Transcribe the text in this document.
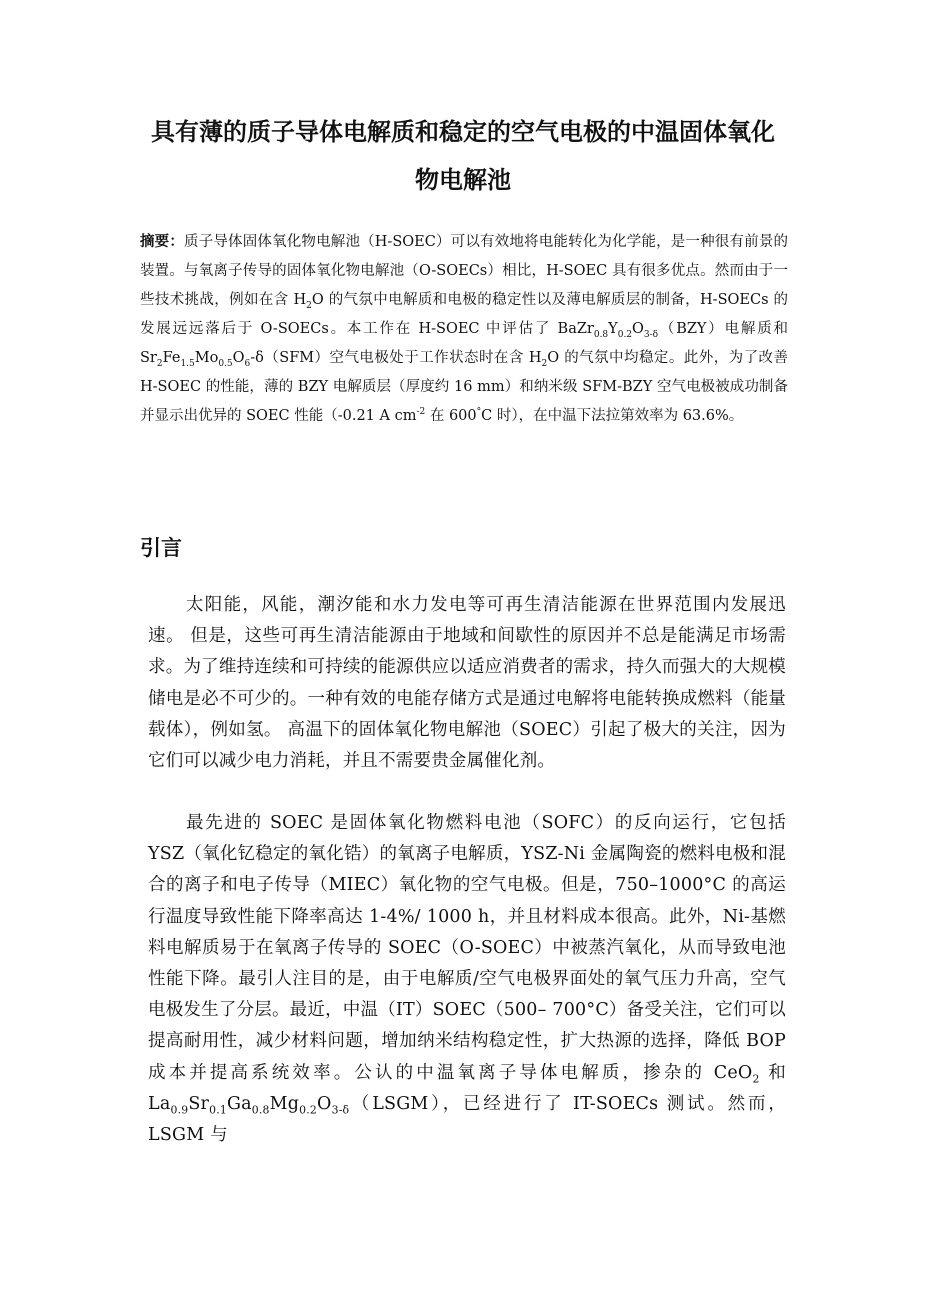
具有薄的质子导体电解质和稳定的空气电极的中温固体氧化物电解池

摘要：质子导体固体氧化物电解池（H-SOEC）可以有效地将电能转化为化学能，是一种很有前景的装置。与氧离子传导的固体氧化物电解池（O-SOECs）相比，H-SOEC 具有很多优点。然而由于一些技术挑战，例如在含 $H_2O$ 的气氛中电解质和电极的稳定性以及薄电解质层的制备，H-SOECs 的发展远远落后于 O-SOECs。本工作在 H-SOEC 中评估了 $BaZr_{0.8}Y_{0.2}O_{3-\delta}(BZY)$电解质和 $Sr_2Fe_{1.5}Mo_{0.5}O_6-\delta(SFM)$空气电极处于工作状态时在含 $H_2O$ 的气氛中均稳定。此外，为了改善 H-SOEC 的性能，薄的 BZY 电解质层（厚度约 16 mm）和纳米级 SFM-BZY 空气电极被成功制备并显示出优异的 SOEC 性能（-0.21 A $cm^{-2}$ 在 600°C 时），在中温下法拉第效率为 63.6%。

引言

太阳能，风能，潮汐能和水力发电等可再生清洁能源在世界范围内发展迅速。 但是，这些可再生清洁能源由于地域和间歇性的原因并不总是能满足市场需求。为了维持连续和可持续的能源供应以适应消费者的需求，持久而强大的大规模储电是必不可少的。一种有效的电能存储方式是通过电解将电能转换成燃料（能量载体），例如氢。 高温下的固体氧化物电解池（SOEC）引起了极大的关注，因为它们可以减少电力消耗，并且不需要贵金属催化剂。

最先进的 SOEC 是固体氧化物燃料电池（SOFC）的反向运行，它包括 YSZ（氧化钇稳定的氧化锆）的氧离子电解质，YSZ-Ni 金属陶瓷的燃料电极和混合的离子和电子传导（MIEC）氧化物的空气电极。但是，750–1000°C 的高运行温度导致性能下降率高达 1-4%/ 1000 h，并且材料成本很高。此外，Ni-基燃料电解质易于在氧离子传导的 SOEC（O-SOEC）中被蒸汽氧化，从而导致电池性能下降。最引人注目的是，由于电解质/空气电极界面处的氧气压力升高，空气电极发生了分层。最近，中温（IT）SOEC（500– 700°C）备受关注，它们可以提高耐用性，减少材料问题，增加纳米结构稳定性，扩大热源的选择，降低 BOP 成本并提高系统效率。公认的中温氧离子导体电解质，掺杂的 CeO$_2$ 和 $La_{0.9}Sr_{0.1}Ga_{0.8}Mg_{0.2}O_{3-\delta}(LSGM)$，已经进行了 IT-SOECs 测试。然而，LSGM 与
